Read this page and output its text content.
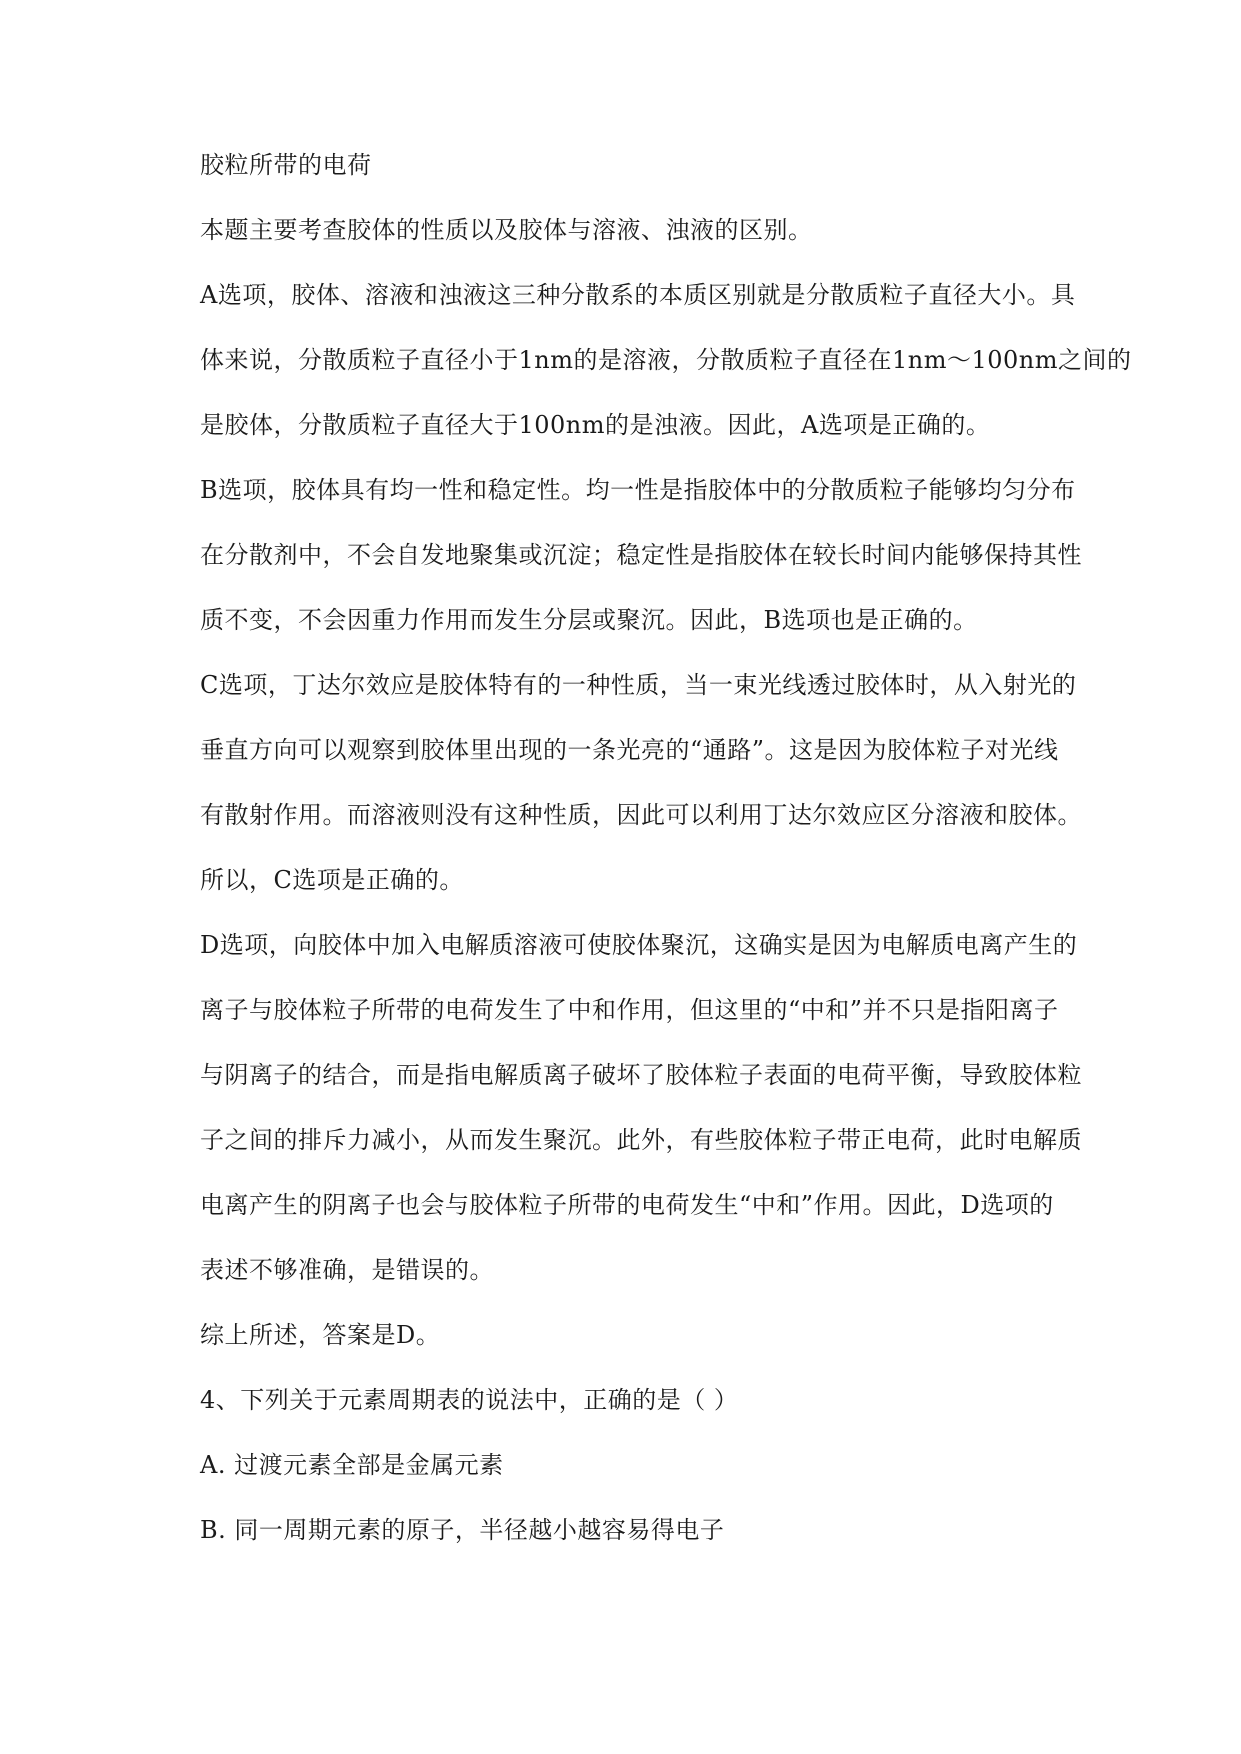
胶粒所带的电荷
本题主要考查胶体的性质以及胶体与溶液、浊液的区别。
A选项，胶体、溶液和浊液这三种分散系的本质区别就是分散质粒子直径大小。具
体来说，分散质粒子直径小于1nm的是溶液，分散质粒子直径在1nm～100nm之间的
是胶体，分散质粒子直径大于100nm的是浊液。因此，A选项是正确的。
B选项，胶体具有均一性和稳定性。均一性是指胶体中的分散质粒子能够均匀分布
在分散剂中，不会自发地聚集或沉淀；稳定性是指胶体在较长时间内能够保持其性
质不变，不会因重力作用而发生分层或聚沉。因此，B选项也是正确的。
C选项，丁达尔效应是胶体特有的一种性质，当一束光线透过胶体时，从入射光的
垂直方向可以观察到胶体里出现的一条光亮的“通路”。这是因为胶体粒子对光线
有散射作用。而溶液则没有这种性质，因此可以利用丁达尔效应区分溶液和胶体。
所以，C选项是正确的。
D选项，向胶体中加入电解质溶液可使胶体聚沉，这确实是因为电解质电离产生的
离子与胶体粒子所带的电荷发生了中和作用，但这里的“中和”并不只是指阳离子
与阴离子的结合，而是指电解质离子破坏了胶体粒子表面的电荷平衡，导致胶体粒
子之间的排斥力减小，从而发生聚沉。此外，有些胶体粒子带正电荷，此时电解质
电离产生的阴离子也会与胶体粒子所带的电荷发生“中和”作用。因此，D选项的
表述不够准确，是错误的。
综上所述，答案是D。
4、下列关于元素周期表的说法中，正确的是（ ）
A. 过渡元素全部是金属元素
B. 同一周期元素的原子，半径越小越容易得电子
